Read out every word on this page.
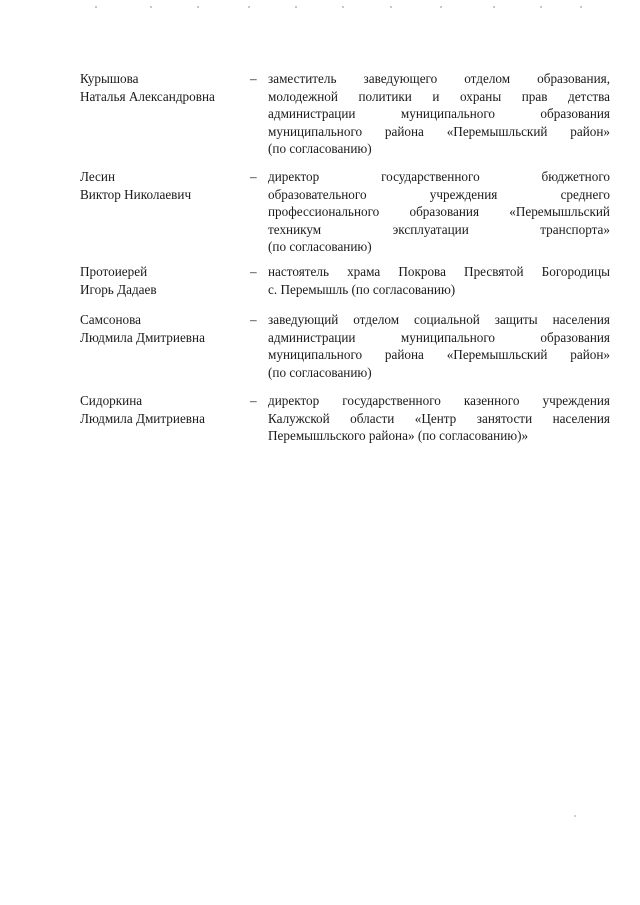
Курышова
Наталья Александровна
– заместитель заведующего отделом образования,
молодежной политики и охраны прав детства
администрации муниципального образования
муниципального района «Перемышльский район»
(по согласованию)
Лесин
Виктор Николаевич
– директор государственного бюджетного
образовательного учреждения среднего
профессионального образования «Перемышльский
техникум эксплуатации транспорта»
(по согласованию)
Протоиерей
Игорь Дадаев
– настоятель храма Покрова Пресвятой Богородицы
с. Перемышль (по согласованию)
Самсонова
Людмила Дмитриевна
– заведующий отделом социальной защиты населения
администрации муниципального образования
муниципального района «Перемышльский район»
(по согласованию)
Сидоркина
Людмила Дмитриевна
– директор государственного казенного учреждения
Калужской области «Центр занятости населения
Перемышльского района» (по согласованию)»
